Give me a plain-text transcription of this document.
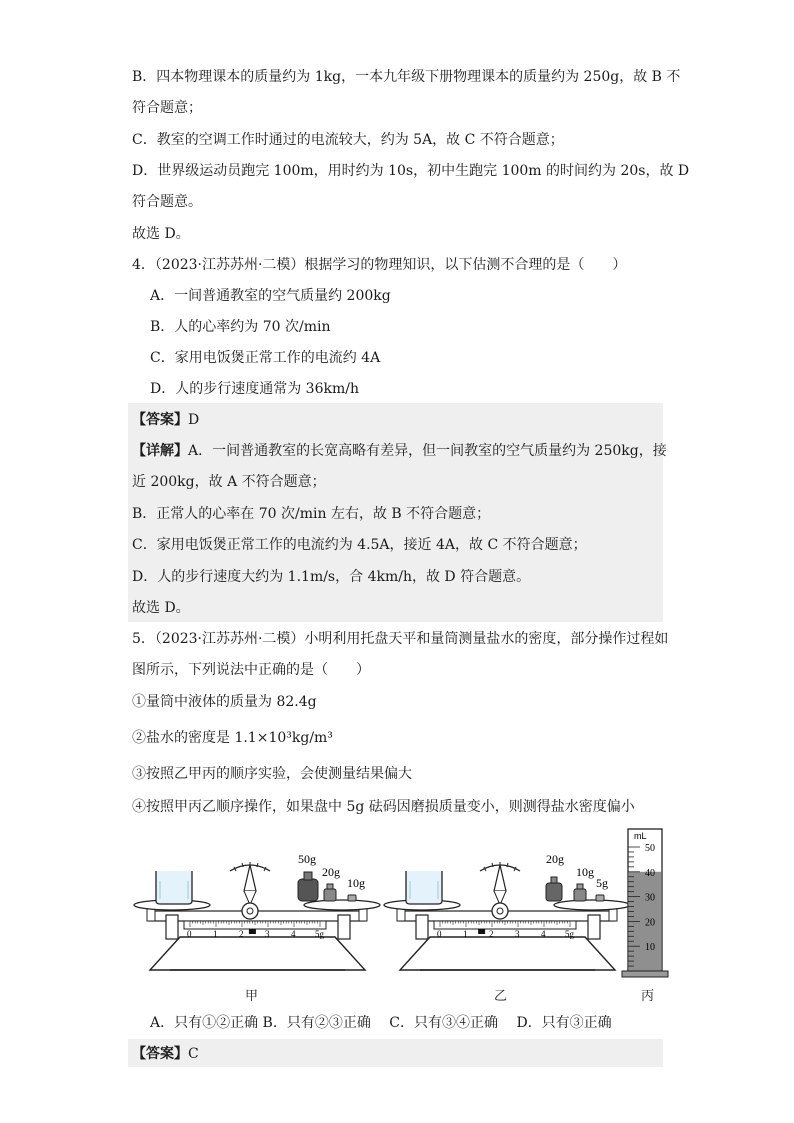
B．四本物理课本的质量约为 1kg，一本九年级下册物理课本的质量约为 250g，故 B 不
符合题意；
C．教室的空调工作时通过的电流较大，约为 5A，故 C 不符合题意；
D．世界级运动员跑完 100m，用时约为 10s，初中生跑完 100m 的时间约为 20s，故 D
符合题意。
故选 D。
4．（2023·江苏苏州·二模）根据学习的物理知识，以下估测不合理的是（　　）
A．一间普通教室的空气质量约 200kg
B．人的心率约为 70 次/min
C．家用电饭煲正常工作的电流约 4A
D．人的步行速度通常为 36km/h
【答案】D
【详解】A．一间普通教室的长宽高略有差异，但一间教室的空气质量约为 250kg，接
近 200kg，故 A 不符合题意；
B．正常人的心率在 70 次/min 左右，故 B 不符合题意；
C．家用电饭煲正常工作的电流约为 4.5A，接近 4A，故 C 不符合题意；
D．人的步行速度大约为 1.1m/s，合 4km/h，故 D 符合题意。
故选 D。
5．（2023·江苏苏州·二模）小明利用托盘天平和量筒测量盐水的密度，部分操作过程如
图所示，下列说法中正确的是（　　）
①量筒中液体的质量为 82.4g
②盐水的密度是 1.1×10³kg/m³
③按照乙甲丙的顺序实验，会使测量结果偏大
④按照甲丙乙顺序操作，如果盘中 5g 砝码因磨损质量变小，则测得盐水密度偏小
0 1 2 3 4 5g
50g
20g
10g
0 1 2 3 4 5g
20g
10g
5g
mL
50
40
30
20
10
甲	乙	丙
A．只有①②正确 B．只有②③正确　 C．只有③④正确　 D．只有③正确
【答案】C
